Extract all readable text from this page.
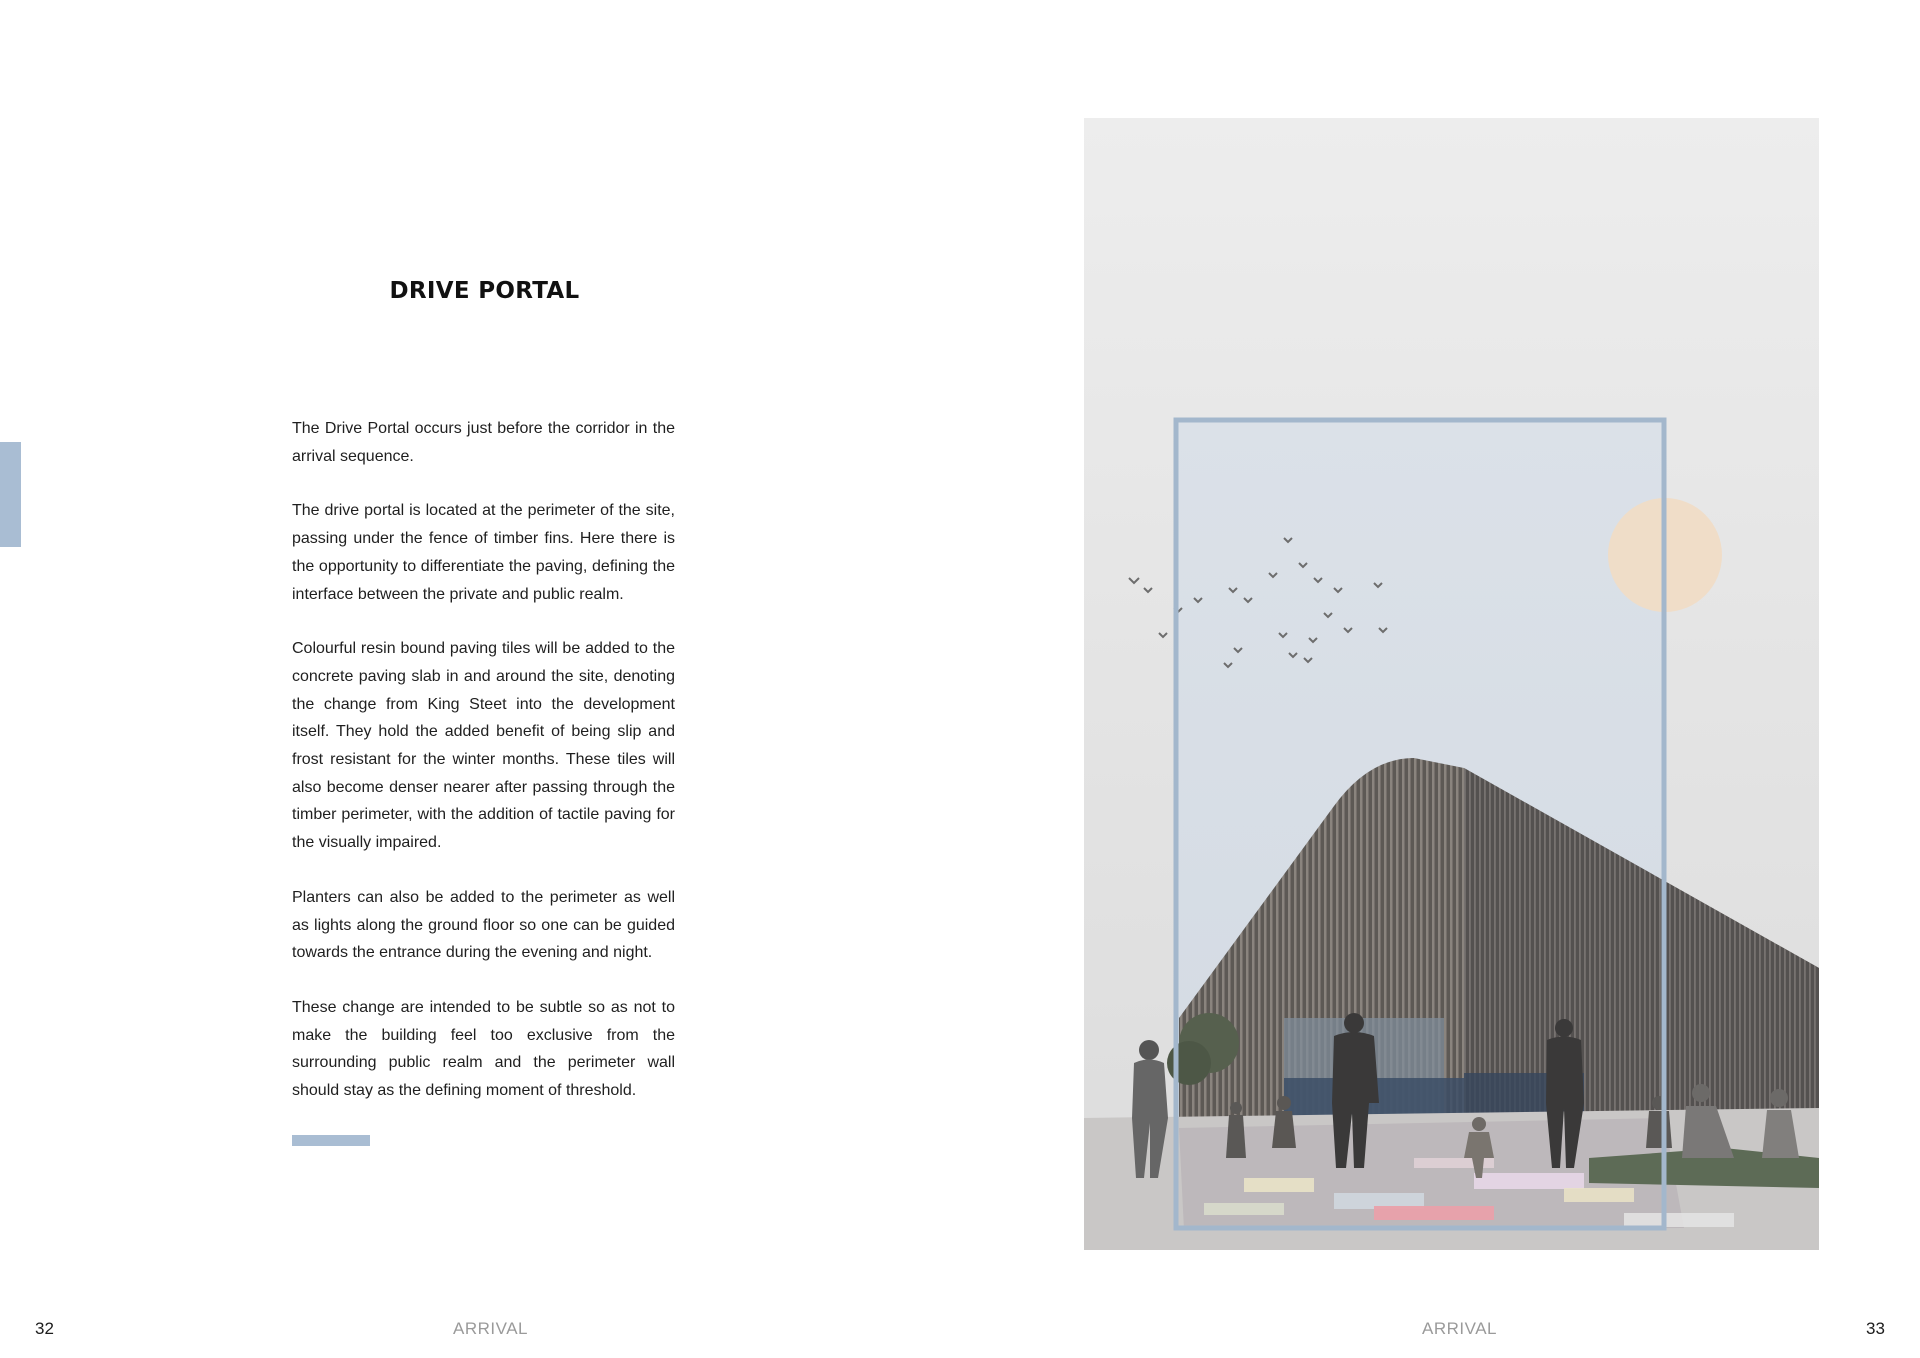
DRIVE PORTAL

The Drive Portal occurs just before the corridor in the arrival sequence.

The drive portal is located at the perimeter of the site, passing under the fence of timber fins. Here there is the opportunity to differentiate the paving, defining the interface between the private and public realm.

Colourful resin bound paving tiles will be added to the concrete paving slab in and around the site, denoting the change from King Steet into the development itself. They hold the added benefit of being slip and frost resistant for the winter months. These tiles will also become denser nearer after passing through the timber perimeter, with the addition of tactile paving for the visually impaired.

Planters can also be added to the perimeter as well as lights along the ground floor so one can be guided towards the entrance during the evening and night.

These change are intended to be subtle so as not to make the building feel too exclusive from the surrounding public realm and the perimeter wall should stay as the defining moment of threshold.

32	ARRIVAL	ARRIVAL	33
